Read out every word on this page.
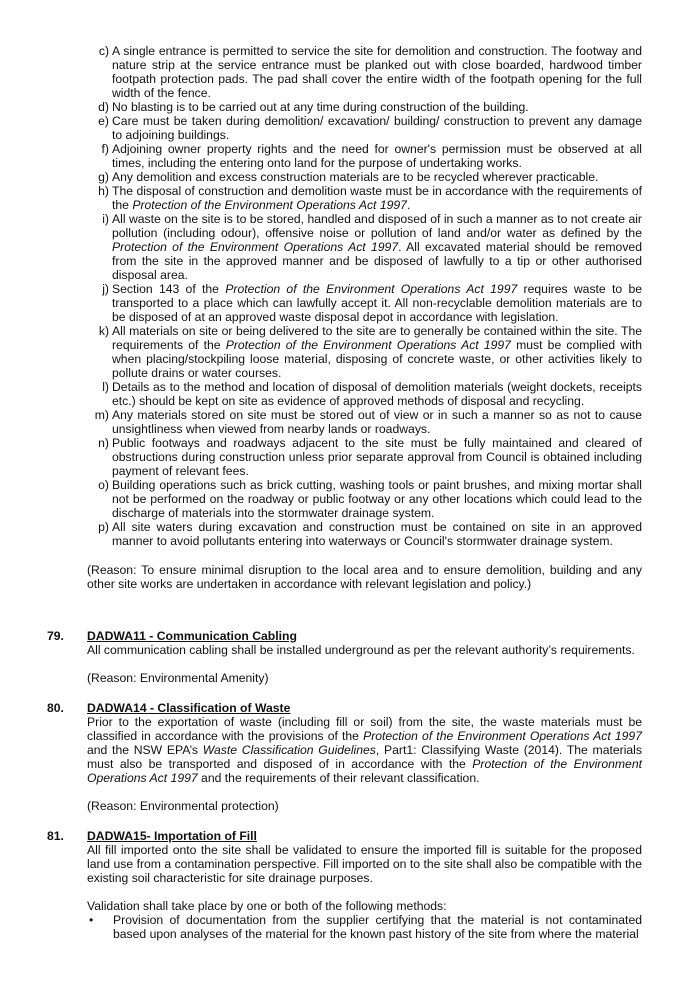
c) A single entrance is permitted to service the site for demolition and construction. The footway and nature strip at the service entrance must be planked out with close boarded, hardwood timber footpath protection pads. The pad shall cover the entire width of the footpath opening for the full width of the fence.
d) No blasting is to be carried out at any time during construction of the building.
e) Care must be taken during demolition/ excavation/ building/ construction to prevent any damage to adjoining buildings.
f) Adjoining owner property rights and the need for owner's permission must be observed at all times, including the entering onto land for the purpose of undertaking works.
g) Any demolition and excess construction materials are to be recycled wherever practicable.
h) The disposal of construction and demolition waste must be in accordance with the requirements of the Protection of the Environment Operations Act 1997.
i) All waste on the site is to be stored, handled and disposed of in such a manner as to not create air pollution (including odour), offensive noise or pollution of land and/or water as defined by the Protection of the Environment Operations Act 1997. All excavated material should be removed from the site in the approved manner and be disposed of lawfully to a tip or other authorised disposal area.
j) Section 143 of the Protection of the Environment Operations Act 1997 requires waste to be transported to a place which can lawfully accept it. All non-recyclable demolition materials are to be disposed of at an approved waste disposal depot in accordance with legislation.
k) All materials on site or being delivered to the site are to generally be contained within the site. The requirements of the Protection of the Environment Operations Act 1997 must be complied with when placing/stockpiling loose material, disposing of concrete waste, or other activities likely to pollute drains or water courses.
l) Details as to the method and location of disposal of demolition materials (weight dockets, receipts etc.) should be kept on site as evidence of approved methods of disposal and recycling.
m) Any materials stored on site must be stored out of view or in such a manner so as not to cause unsightliness when viewed from nearby lands or roadways.
n) Public footways and roadways adjacent to the site must be fully maintained and cleared of obstructions during construction unless prior separate approval from Council is obtained including payment of relevant fees.
o) Building operations such as brick cutting, washing tools or paint brushes, and mixing mortar shall not be performed on the roadway or public footway or any other locations which could lead to the discharge of materials into the stormwater drainage system.
p) All site waters during excavation and construction must be contained on site in an approved manner to avoid pollutants entering into waterways or Council's stormwater drainage system.
(Reason: To ensure minimal disruption to the local area and to ensure demolition, building and any other site works are undertaken in accordance with relevant legislation and policy.)
79. DADWA11 - Communication Cabling
All communication cabling shall be installed underground as per the relevant authority’s requirements.
(Reason: Environmental Amenity)
80. DADWA14 - Classification of Waste
Prior to the exportation of waste (including fill or soil) from the site, the waste materials must be classified in accordance with the provisions of the Protection of the Environment Operations Act 1997 and the NSW EPA’s Waste Classification Guidelines, Part1: Classifying Waste (2014). The materials must also be transported and disposed of in accordance with the Protection of the Environment Operations Act 1997 and the requirements of their relevant classification.
(Reason: Environmental protection)
81. DADWA15- Importation of Fill
All fill imported onto the site shall be validated to ensure the imported fill is suitable for the proposed land use from a contamination perspective. Fill imported on to the site shall also be compatible with the existing soil characteristic for site drainage purposes.
Validation shall take place by one or both of the following methods:
• Provision of documentation from the supplier certifying that the material is not contaminated based upon analyses of the material for the known past history of the site from where the material
